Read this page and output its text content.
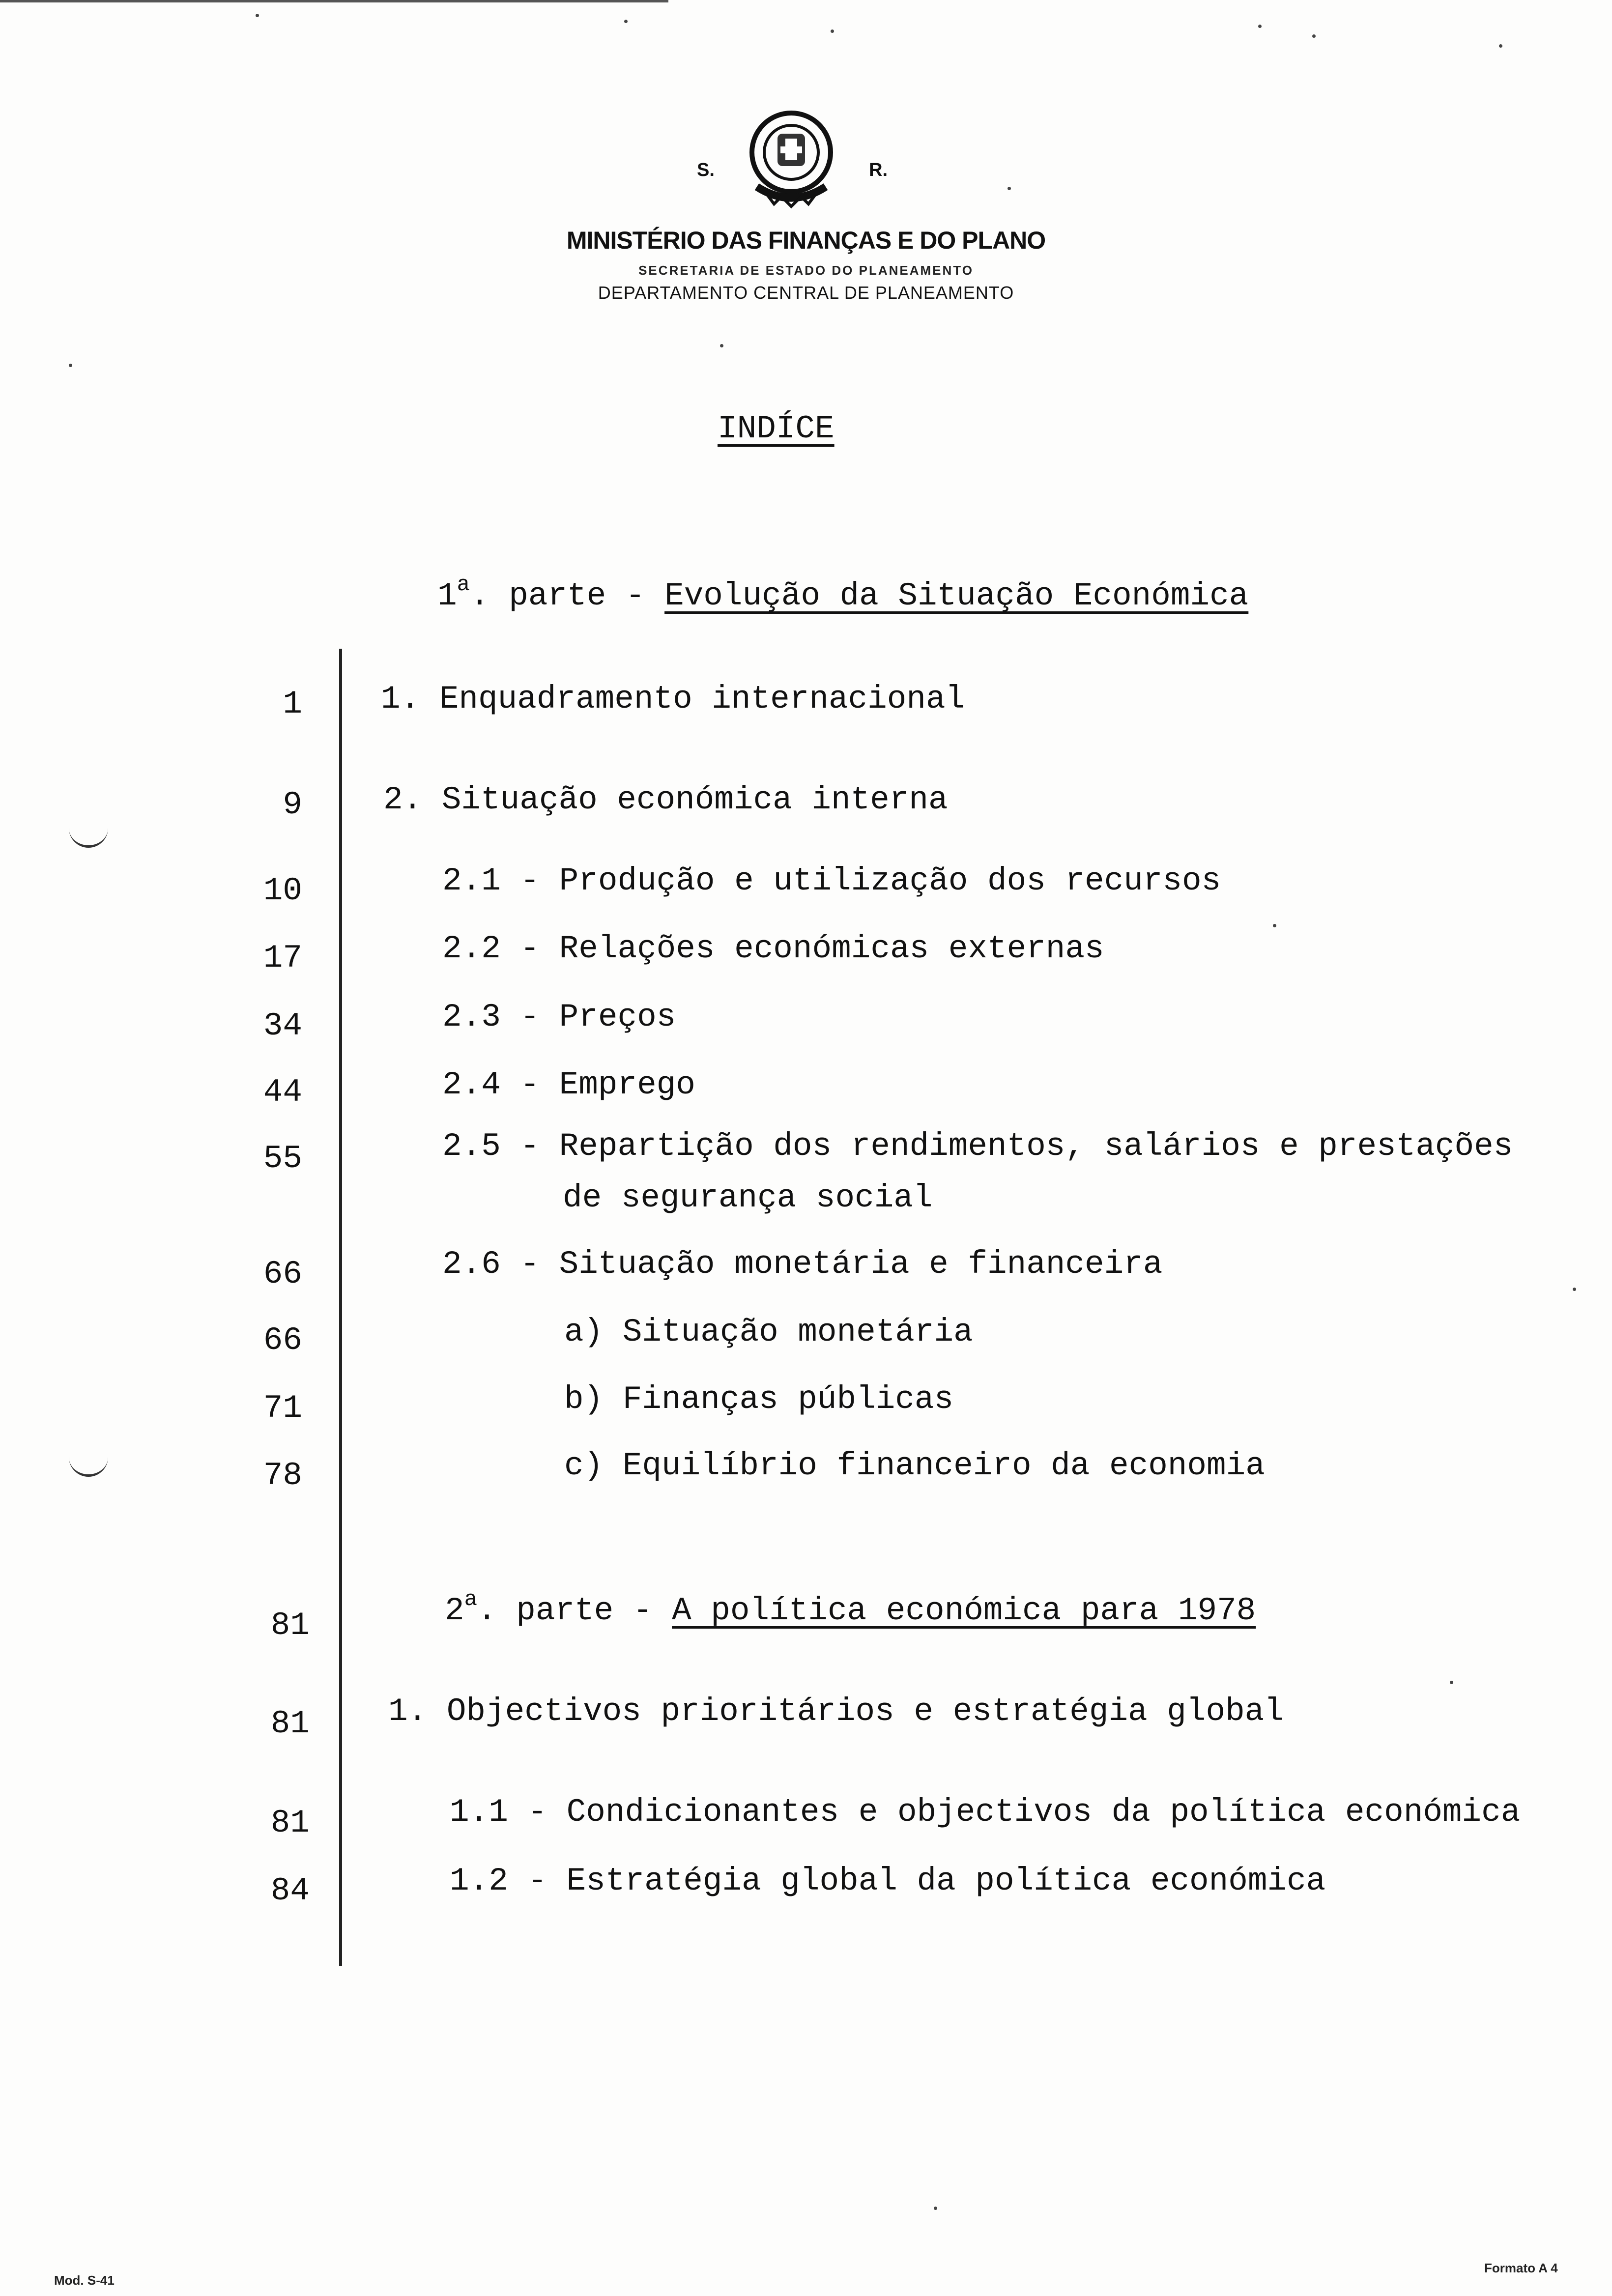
S.	R.
MINISTÉRIO DAS FINANÇAS E DO PLANO
SECRETARIA DE ESTADO DO PLANEAMENTO
DEPARTAMENTO CENTRAL DE PLANEAMENTO
INDÍCE
1$^a$. parte - Evolução da Situação Económica
1 1. Enquadramento internacional
9	2. Situação económica interna
10	2.1 - Produção e utilização dos recursos
17	2.2 - Relações económicas externas
34	2.3 - Preços
44	2.4 - Emprego
55	2.5 - Repartição dos rendimentos, salários e prestações
de segurança social
66	2.6 - Situação monetária e financeira
66	a) Situação monetária
71	b) Finanças públicas
78	c) Equilíbrio financeiro da economia
81	2$^a$. parte - A política económica para 1978
81 1. Objectivos prioritários e estratégia global
81	1.1 - Condicionantes e objectivos da política económica
84	1.2 - Estratégia global da política económica
Mod. S-41
Formato A 4
